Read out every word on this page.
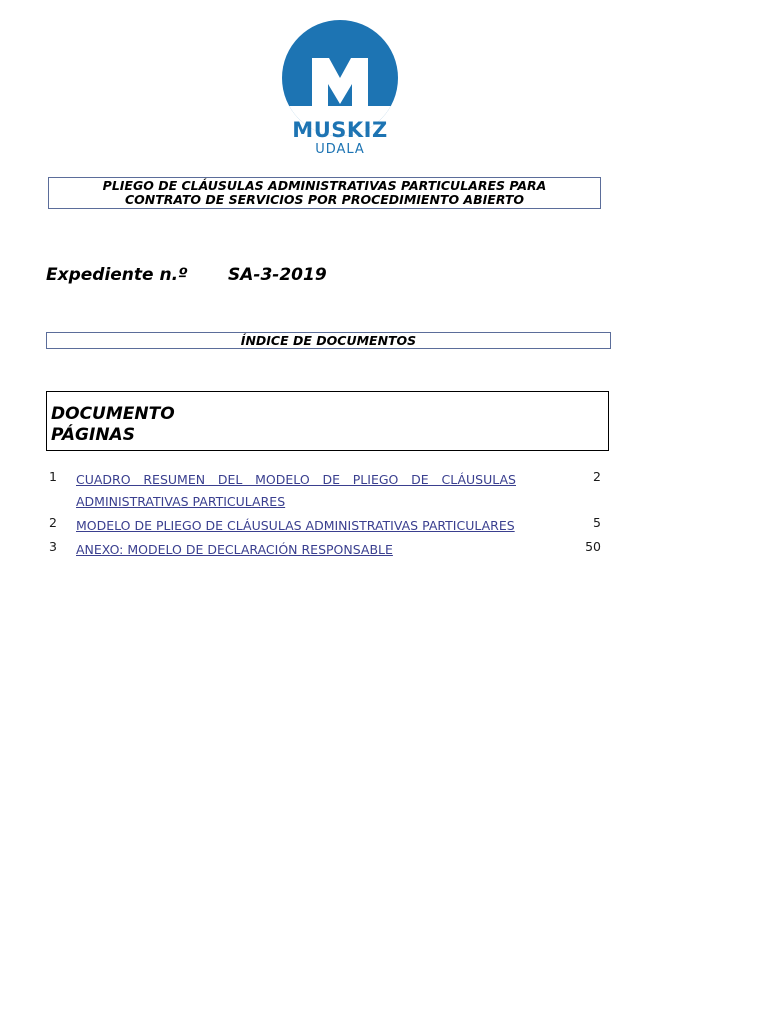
MUSKIZ
UDALA
PLIEGO DE CLÁUSULAS ADMINISTRATIVAS PARTICULARES PARA
CONTRATO DE SERVICIOS POR PROCEDIMIENTO ABIERTO
Expediente n.º SA-3-2019
ÍNDICE DE DOCUMENTOS
DOCUMENTO
PÁGINAS
1 CUADRO RESUMEN DEL MODELO DE PLIEGO DE CLÁUSULAS ADMINISTRATIVAS PARTICULARES
2
2 MODELO DE PLIEGO DE CLÁUSULAS ADMINISTRATIVAS PARTICULARES	5
3 ANEXO: MODELO DE DECLARACIÓN RESPONSABLE	50
